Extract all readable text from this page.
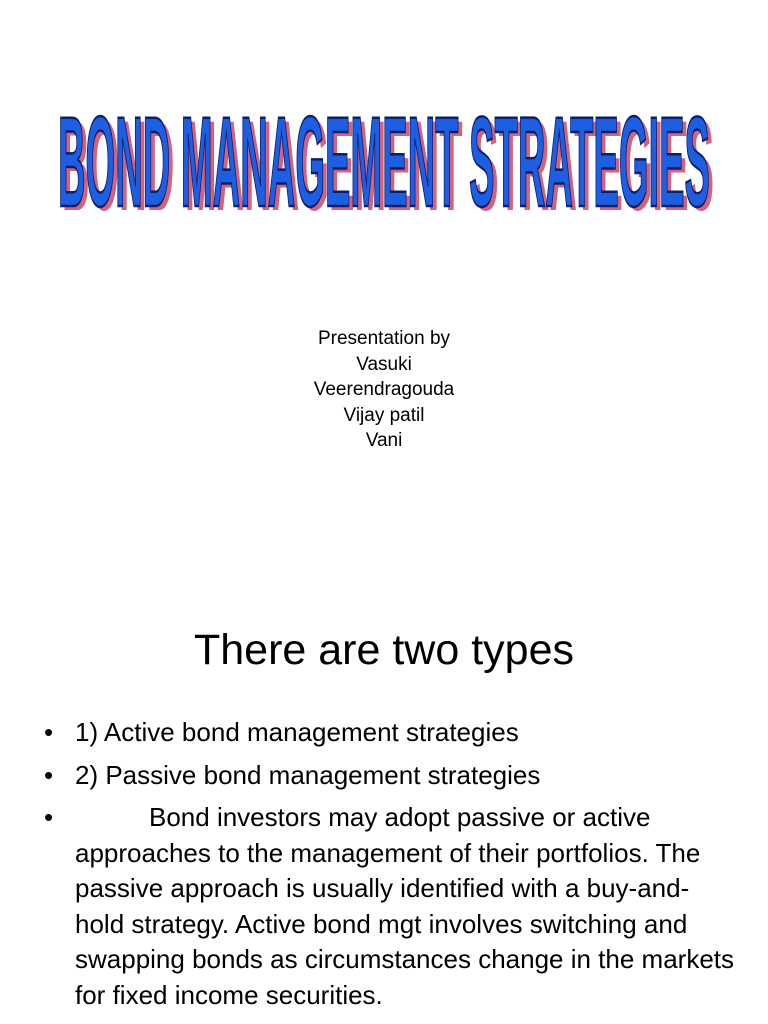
BOND MANAGEMENT STRATEGIES
BOND MANAGEMENT STRATEGIES
Presentation by
Vasuki
Veerendragouda
Vijay patil
Vani
There are two types
• 1) Active bond management strategies
• 2) Passive bond management strategies
•	Bond investors may adopt passive or active approaches to the management of their portfolios. The passive approach is usually identified with a buy-and-hold strategy. Active bond mgt involves switching and swapping bonds as circumstances change in the markets for fixed income securities.
